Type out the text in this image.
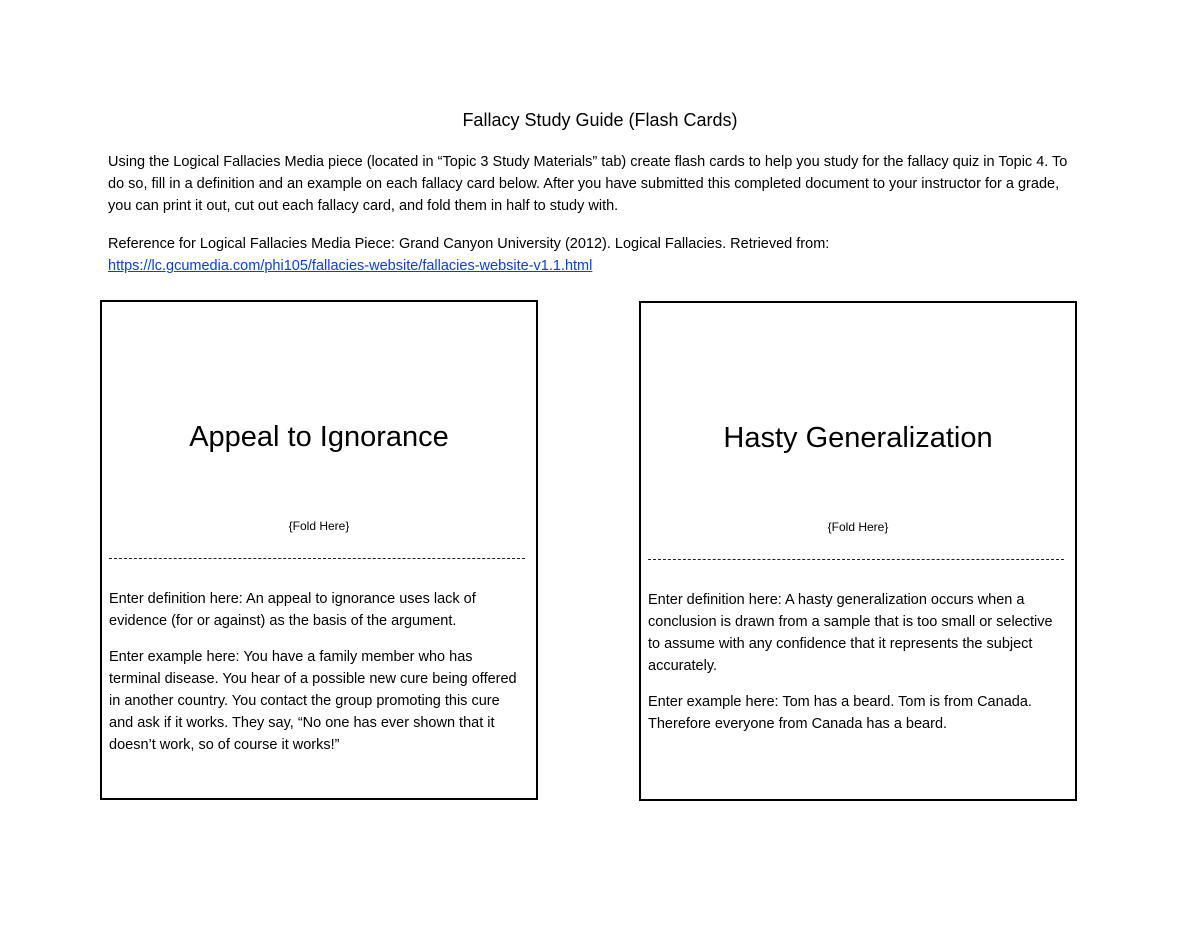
Fallacy Study Guide (Flash Cards)

Using the Logical Fallacies Media piece (located in “Topic 3 Study Materials” tab) create flash cards to help you study for the fallacy quiz in Topic 4. To do so, fill in a definition and an example on each fallacy card below. After you have submitted this completed document to your instructor for a grade, you can print it out, cut out each fallacy card, and fold them in half to study with.

Reference for Logical Fallacies Media Piece: Grand Canyon University (2012). Logical Fallacies. Retrieved from: https://lc.gcumedia.com/phi105/fallacies-website/fallacies-website-v1.1.html

Appeal to Ignorance
{Fold Here}

Enter definition here: An appeal to ignorance uses lack of evidence (for or against) as the basis of the argument.

Enter example here: You have a family member who has terminal disease. You hear of a possible new cure being offered in another country. You contact the group promoting this cure and ask if it works. They say, “No one has ever shown that it doesn’t work, so of course it works!”

Hasty Generalization
{Fold Here}

Enter definition here: A hasty generalization occurs when a conclusion is drawn from a sample that is too small or selective to assume with any confidence that it represents the subject accurately.

Enter example here: Tom has a beard. Tom is from Canada. Therefore everyone from Canada has a beard.
